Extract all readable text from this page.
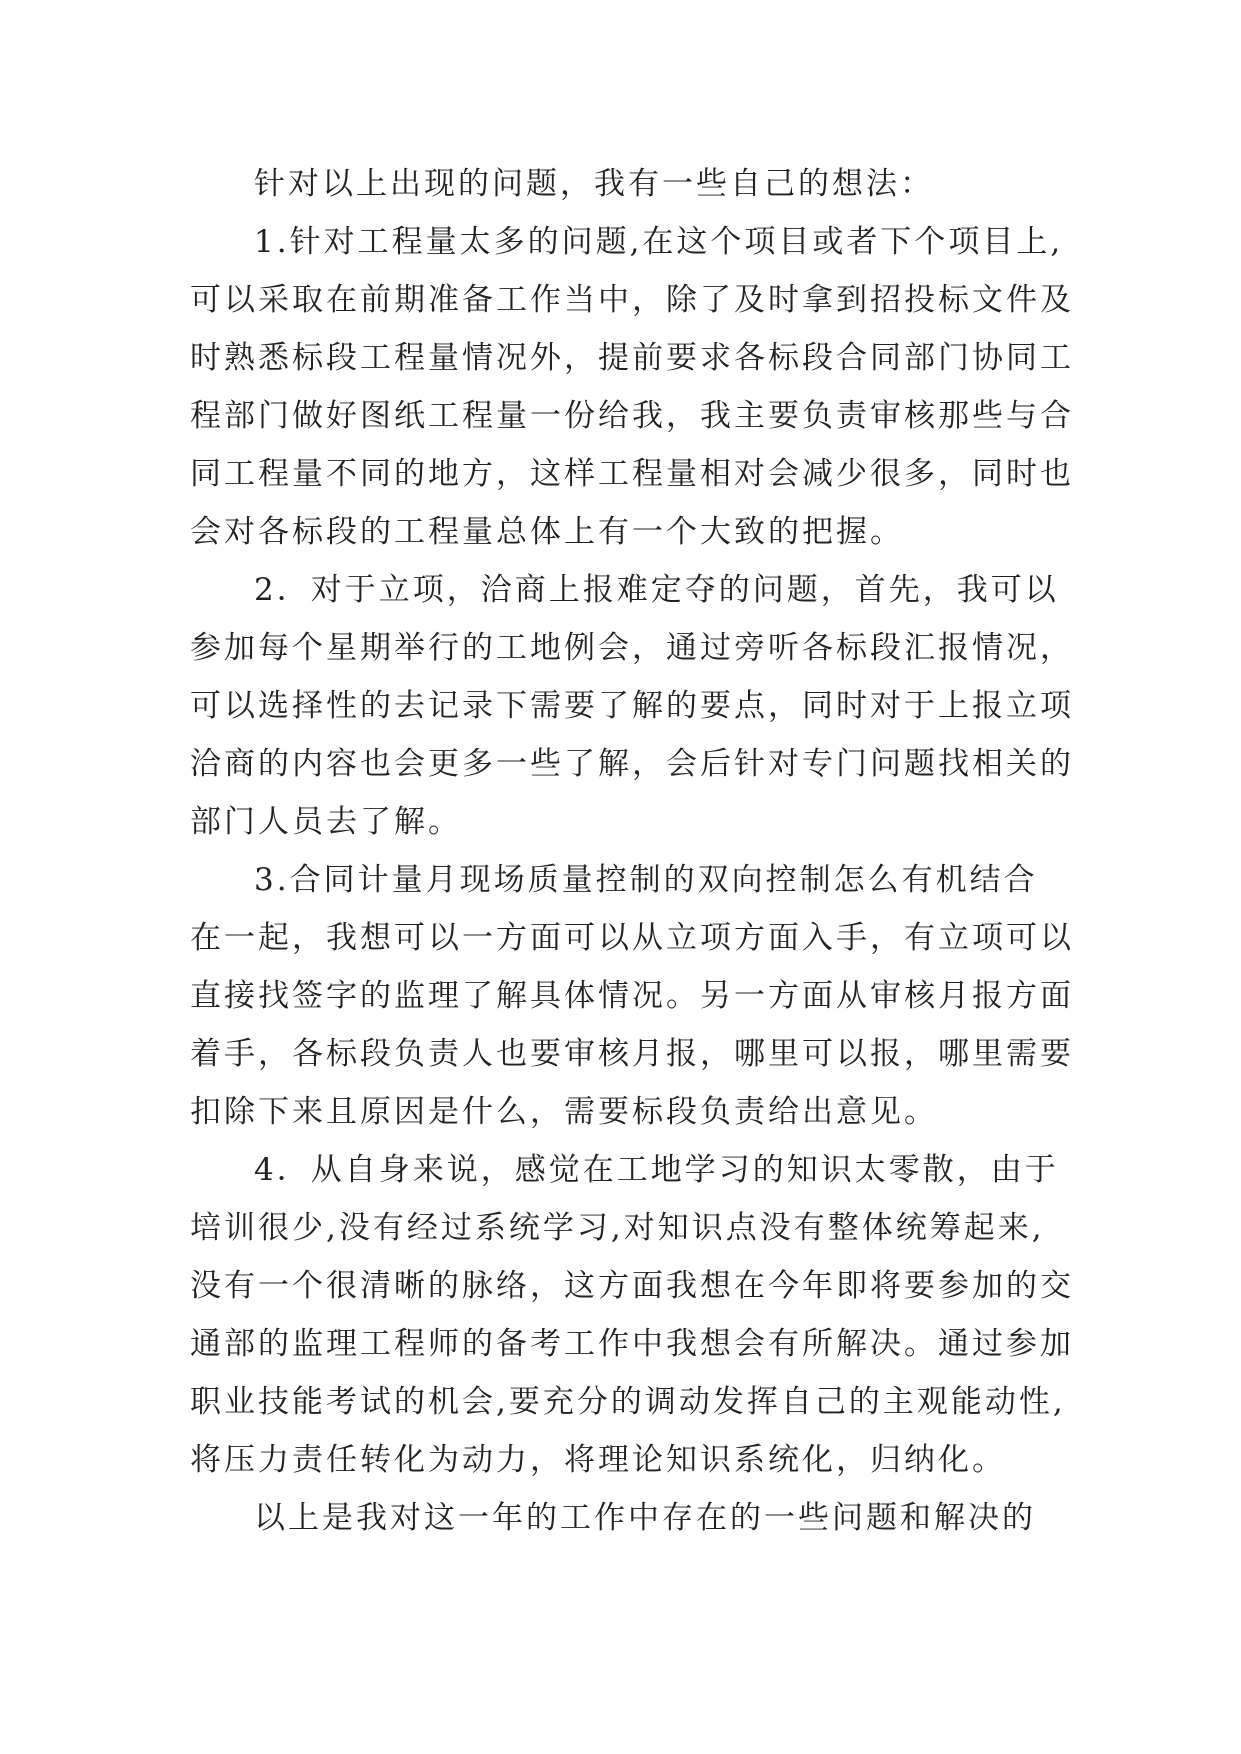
针对以上出现的问题，我有一些自己的想法：
1.针对工程量太多的问题,在这个项目或者下个项目上,
可以采取在前期准备工作当中，除了及时拿到招投标文件及
时熟悉标段工程量情况外，提前要求各标段合同部门协同工
程部门做好图纸工程量一份给我，我主要负责审核那些与合
同工程量不同的地方，这样工程量相对会减少很多，同时也
会对各标段的工程量总体上有一个大致的把握。
2．对于立项，洽商上报难定夺的问题，首先，我可以
参加每个星期举行的工地例会，通过旁听各标段汇报情况，
可以选择性的去记录下需要了解的要点，同时对于上报立项
洽商的内容也会更多一些了解，会后针对专门问题找相关的
部门人员去了解。
3.合同计量月现场质量控制的双向控制怎么有机结合
在一起，我想可以一方面可以从立项方面入手，有立项可以
直接找签字的监理了解具体情况。另一方面从审核月报方面
着手，各标段负责人也要审核月报，哪里可以报，哪里需要
扣除下来且原因是什么，需要标段负责给出意见。
4．从自身来说，感觉在工地学习的知识太零散，由于
培训很少,没有经过系统学习,对知识点没有整体统筹起来,
没有一个很清晰的脉络，这方面我想在今年即将要参加的交
通部的监理工程师的备考工作中我想会有所解决。通过参加
职业技能考试的机会,要充分的调动发挥自己的主观能动性,
将压力责任转化为动力，将理论知识系统化，归纳化。
以上是我对这一年的工作中存在的一些问题和解决的
